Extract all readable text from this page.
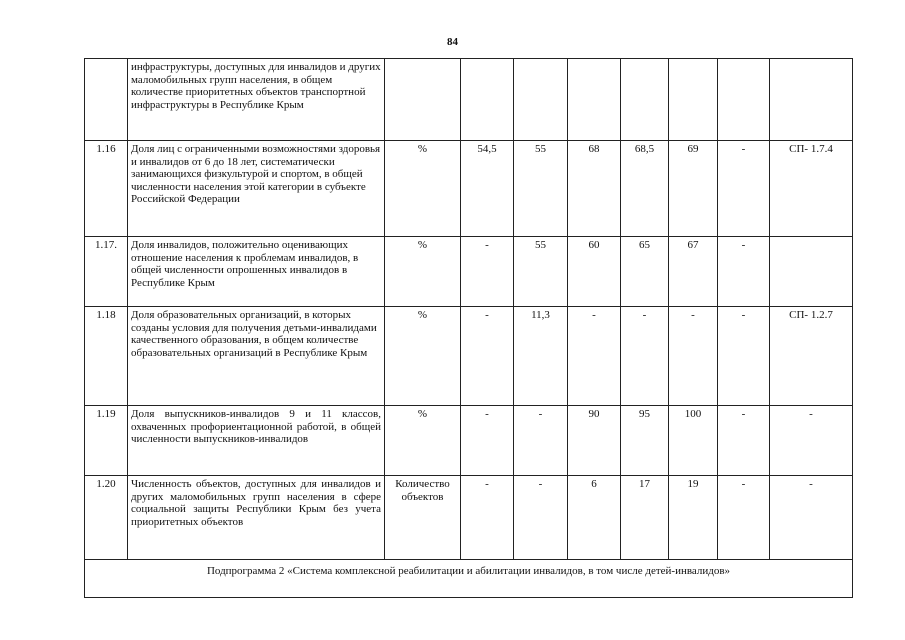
84
	инфраструктуры, доступных для инвалидов и других маломобильных групп населения, в общем количестве приоритетных объектов транспортной инфраструктуры в Республике Крым								
1.16	Доля лиц с ограниченными возможностями здоровья и инвалидов от 6 до 18 лет, систематически занимающихся физкультурой и спортом, в общей численности населения этой категории в субъекте Российской Федерации	%	54,5	55	68	68,5	69	-	СП- 1.7.4
1.17.	Доля инвалидов, положительно оценивающих отношение населения к проблемам инвалидов, в общей численности опрошенных инвалидов в Республике Крым	%	-	55	60	65	67	-	
1.18	Доля образовательных организаций, в которых созданы условия для получения детьми-инвалидами качественного образования, в общем количестве образовательных организаций в Республике Крым	%	-	11,3	-	-	-	-	СП- 1.2.7
1.19	Доля выпускников-инвалидов 9 и 11 классов, охваченных профориентационной работой, в общей численности выпускников-инвалидов	%	-	-	90	95	100	-	-
1.20	Численность объектов, доступных для инвалидов и других маломобильных групп населения в сфере социальной защиты Республики Крым без учета приоритетных объектов	Количество объектов	-	-	6	17	19	-	-
Подпрограмма 2 «Система комплексной реабилитации и абилитации инвалидов, в том числе детей-инвалидов»									
